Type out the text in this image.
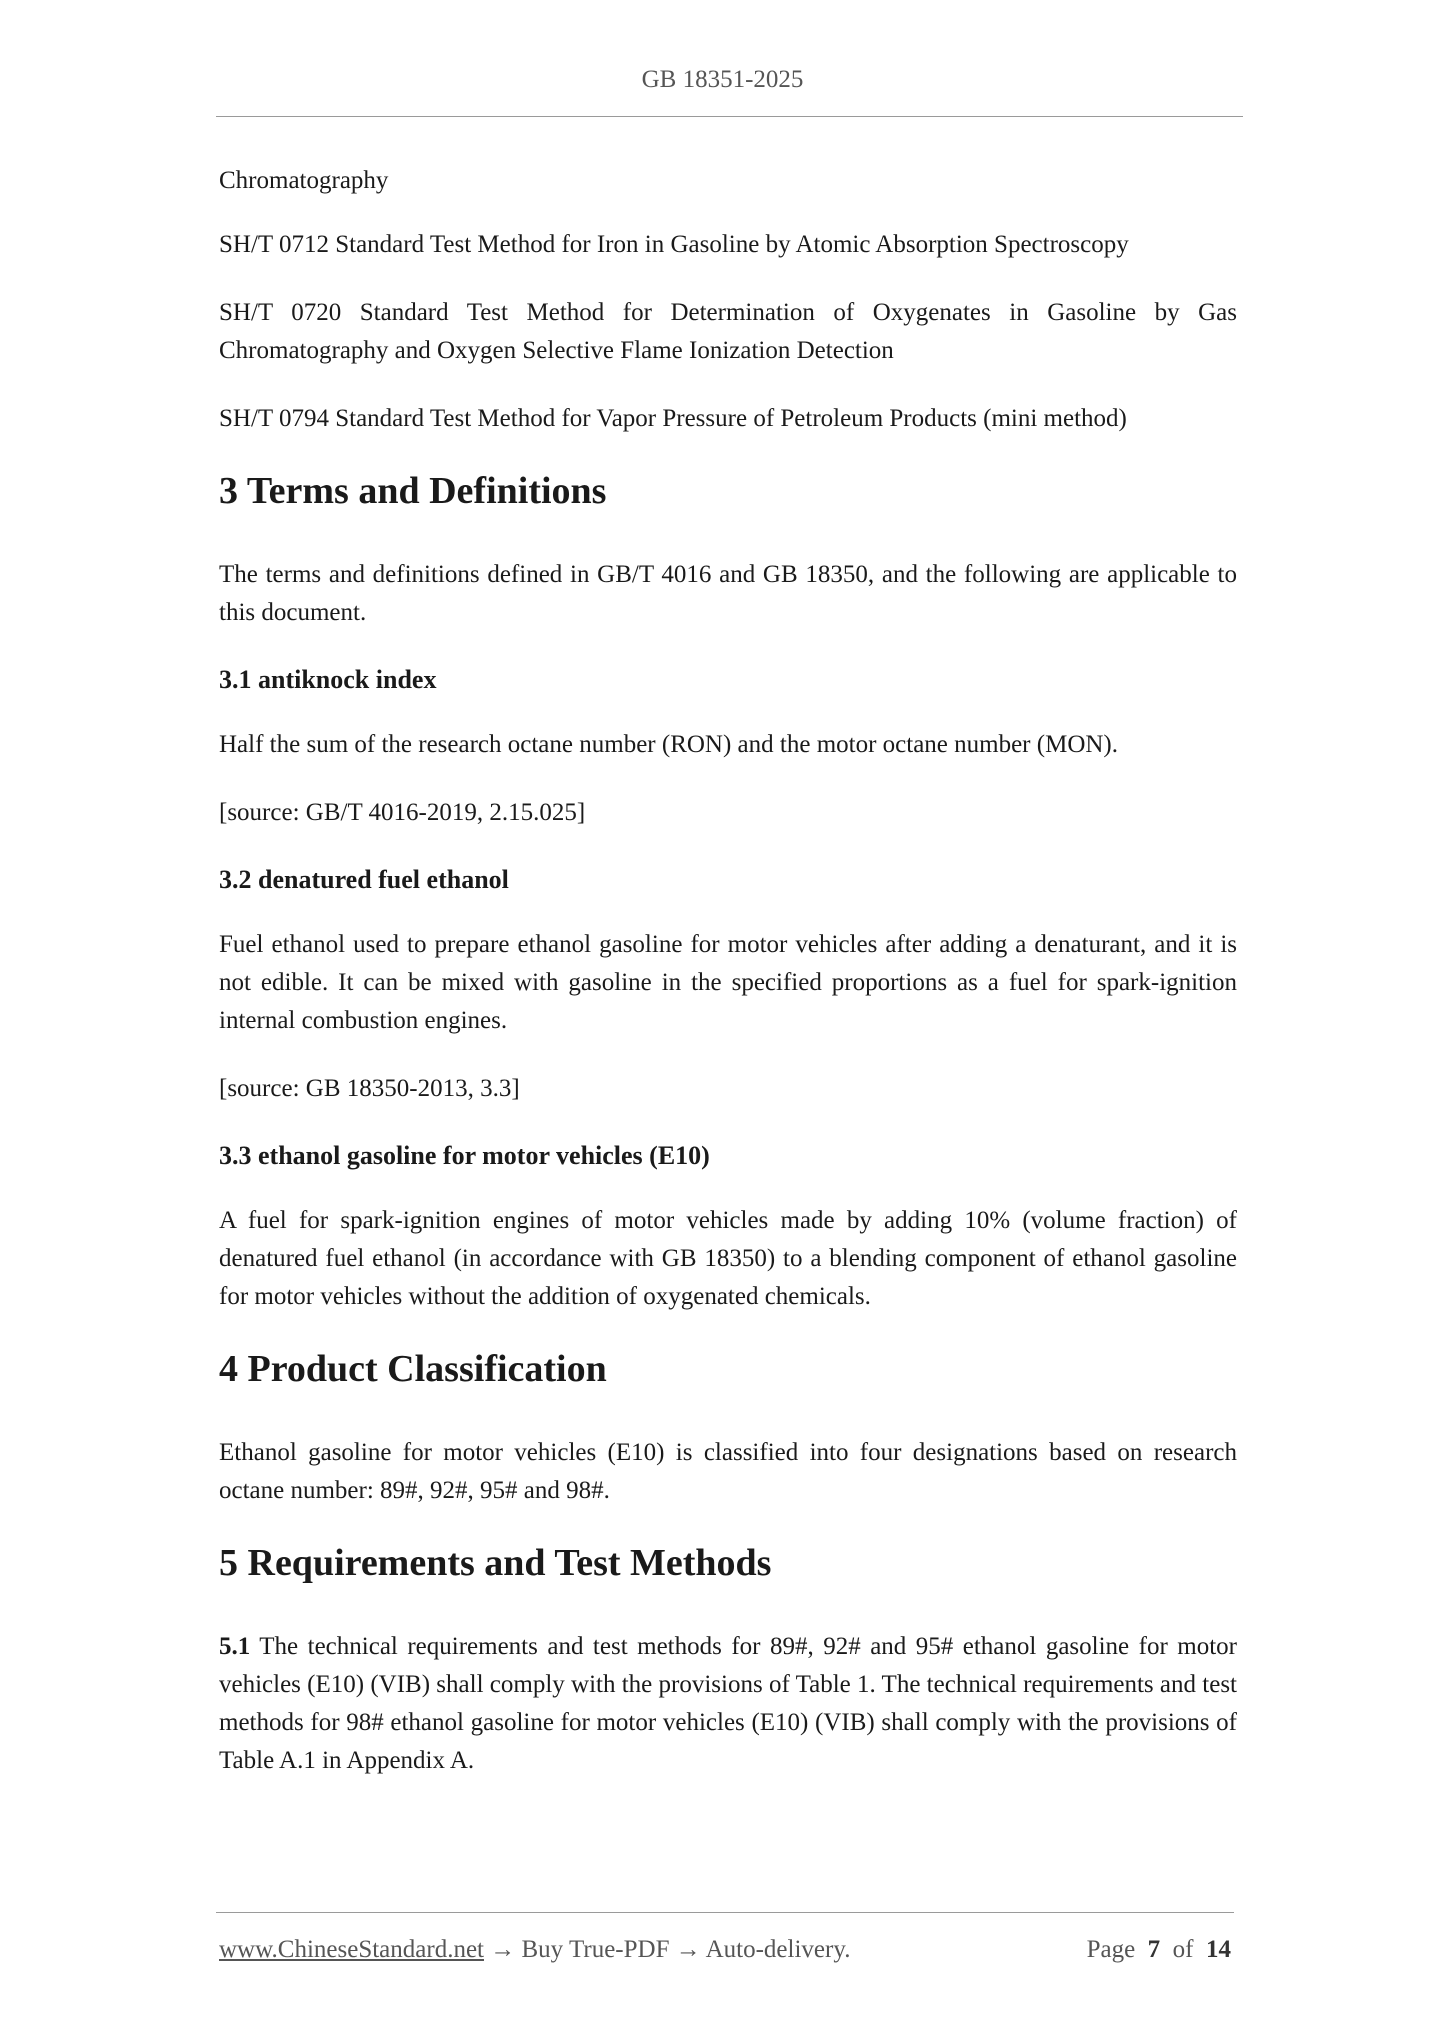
GB 18351-2025

Chromatography

SH/T 0712 Standard Test Method for Iron in Gasoline by Atomic Absorption Spectroscopy

SH/T 0720 Standard Test Method for Determination of Oxygenates in Gasoline by Gas Chromatography and Oxygen Selective Flame Ionization Detection

SH/T 0794 Standard Test Method for Vapor Pressure of Petroleum Products (mini method)

3 Terms and Definitions

The terms and definitions defined in GB/T 4016 and GB 18350, and the following are applicable to this document.

3.1 antiknock index

Half the sum of the research octane number (RON) and the motor octane number (MON).

[source: GB/T 4016-2019, 2.15.025]

3.2 denatured fuel ethanol

Fuel ethanol used to prepare ethanol gasoline for motor vehicles after adding a denaturant, and it is not edible. It can be mixed with gasoline in the specified proportions as a fuel for spark-ignition internal combustion engines.

[source: GB 18350-2013, 3.3]

3.3 ethanol gasoline for motor vehicles (E10)

A fuel for spark-ignition engines of motor vehicles made by adding 10% (volume fraction) of denatured fuel ethanol (in accordance with GB 18350) to a blending component of ethanol gasoline for motor vehicles without the addition of oxygenated chemicals.

4 Product Classification

Ethanol gasoline for motor vehicles (E10) is classified into four designations based on research octane number: 89#, 92#, 95# and 98#.

5 Requirements and Test Methods

5.1 The technical requirements and test methods for 89#, 92# and 95# ethanol gasoline for motor vehicles (E10) (VIB) shall comply with the provisions of Table 1. The technical requirements and test methods for 98# ethanol gasoline for motor vehicles (E10) (VIB) shall comply with the provisions of Table A.1 in Appendix A.

www.ChineseStandard.net → Buy True-PDF → Auto-delivery.	Page 7 of 14
